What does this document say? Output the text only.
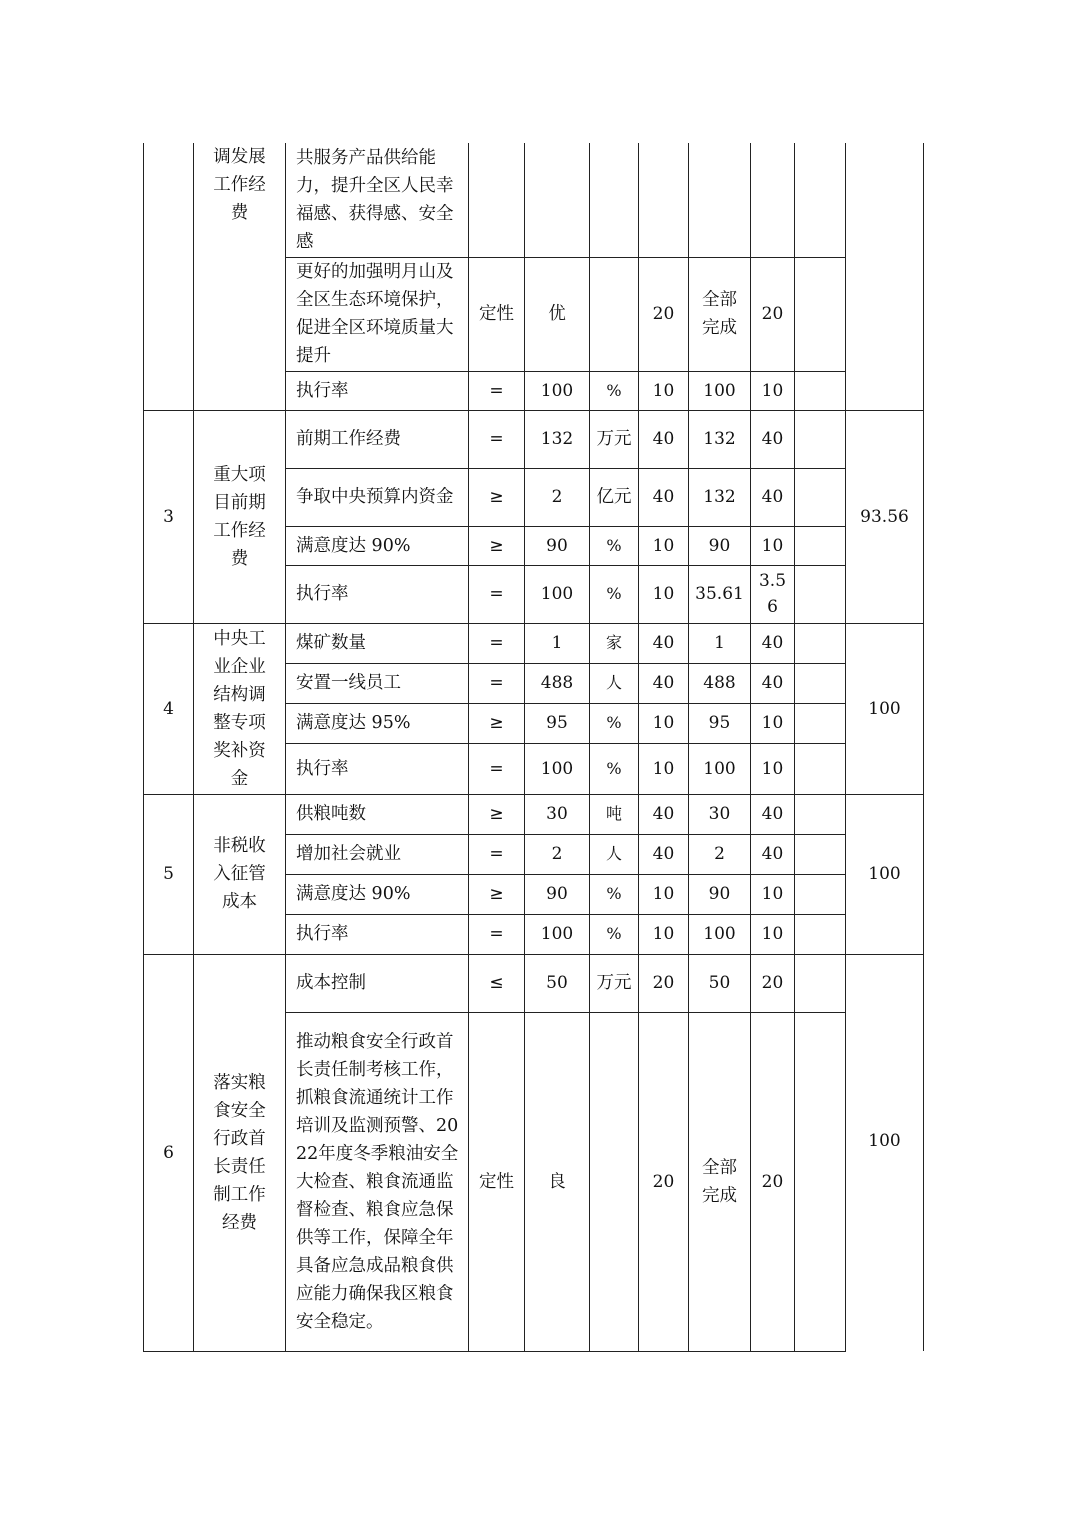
	调发展工作经费	共服务产品供给能力，提升全区人民幸福感、获得感、安全感								
		更好的加强明月山及全区生态环境保护，促进全区环境质量大提升	定性	优		20	全部完成	20		
		执行率	=	100	%	10	100	10		
3	重大项目前期工作经费	前期工作经费	=	132	万元	40	132	40		93.56
		争取中央预算内资金	≥	2	亿元	40	132	40		
		满意度达 90%	≥	90	%	10	90	10		
		执行率	=	100	%	10	35.61	3.56		
4	中央工业企业结构调整专项奖补资金	煤矿数量	=	1	家	40	1	40		100
		安置一线员工	=	488	人	40	488	40		
		满意度达 95%	≥	95	%	10	95	10		
		执行率	=	100	%	10	100	10		
5	非税收入征管成本	供粮吨数	≥	30	吨	40	30	40		100
		增加社会就业	=	2	人	40	2	40		
		满意度达 90%	≥	90	%	10	90	10		
		执行率	=	100	%	10	100	10		
6	落实粮食安全行政首长责任制工作经费	成本控制	≤	50	万元	20	50	20		100
		推动粮食安全行政首长责任制考核工作，抓粮食流通统计工作培训及监测预警、2022年度冬季粮油安全大检查、粮食流通监督检查、粮食应急保供等工作，保障全年具备应急成品粮食供应能力确保我区粮食安全稳定。	定性	良		20	全部完成	20		
